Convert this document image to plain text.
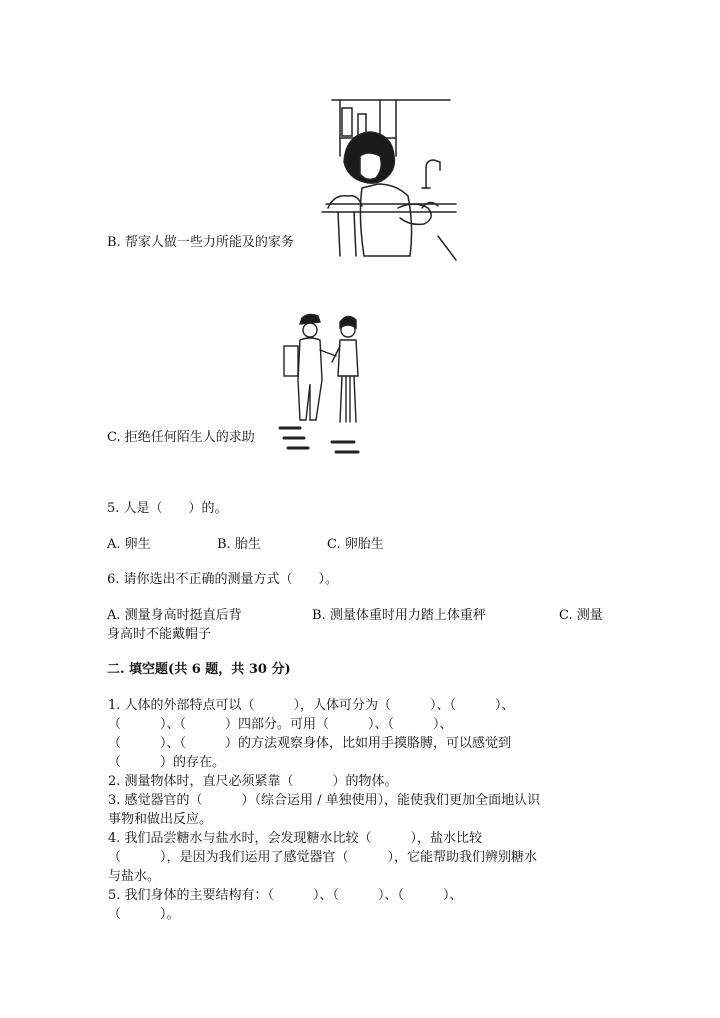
B. 帮家人做一些力所能及的家务
C. 拒绝任何陌生人的求助
5. 人是（　　）的。
A. 卵生	B. 胎生	C. 卵胎生
6. 请你选出不正确的测量方式（　　）。
A. 测量身高时挺直后背	B. 测量体重时用力踏上体重秤	C. 测量
身高时不能戴帽子
二. 填空题(共 6 题，共 30 分)
1. 人体的外部特点可以（　　　），人体可分为（　　　）、（　　　）、
（　　　）、（　　　）四部分。可用（　　　）、（　　　）、
（　　　）、（　　　）的方法观察身体，比如用手摸胳膊，可以感觉到
（　　　）的存在。
2. 测量物体时，直尺必须紧靠（　　　）的物体。
3. 感觉器官的（　　　）（综合运用 / 单独使用），能使我们更加全面地认识
事物和做出反应。
4. 我们品尝糖水与盐水时，会发现糖水比较（　　　），盐水比较
（　　　），是因为我们运用了感觉器官（　　　），它能帮助我们辨别糖水
与盐水。
5. 我们身体的主要结构有：（　　　）、（　　　）、（　　　）、
（　　　）。
